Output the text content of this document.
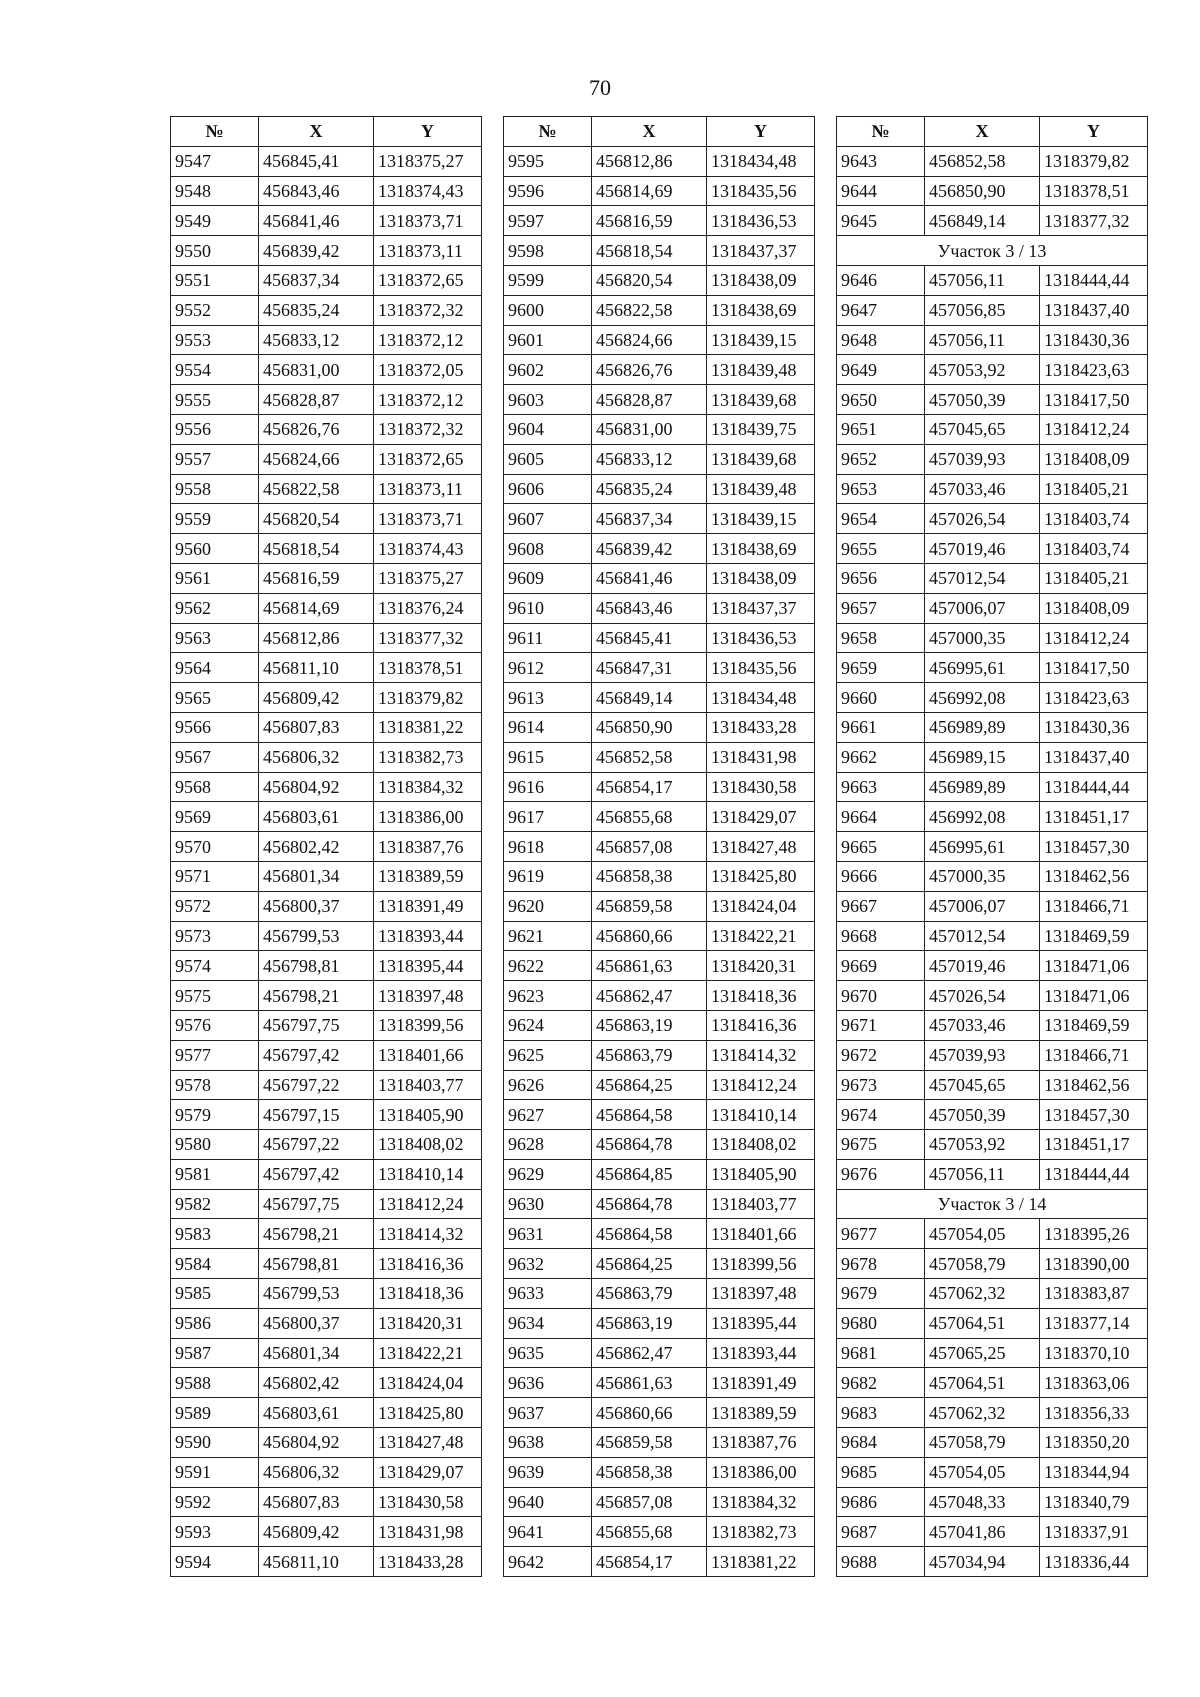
70
№	X	Y
9547	456845,41	1318375,27
9548	456843,46	1318374,43
9549	456841,46	1318373,71
9550	456839,42	1318373,11
9551	456837,34	1318372,65
9552	456835,24	1318372,32
9553	456833,12	1318372,12
9554	456831,00	1318372,05
9555	456828,87	1318372,12
9556	456826,76	1318372,32
9557	456824,66	1318372,65
9558	456822,58	1318373,11
9559	456820,54	1318373,71
9560	456818,54	1318374,43
9561	456816,59	1318375,27
9562	456814,69	1318376,24
9563	456812,86	1318377,32
9564	456811,10	1318378,51
9565	456809,42	1318379,82
9566	456807,83	1318381,22
9567	456806,32	1318382,73
9568	456804,92	1318384,32
9569	456803,61	1318386,00
9570	456802,42	1318387,76
9571	456801,34	1318389,59
9572	456800,37	1318391,49
9573	456799,53	1318393,44
9574	456798,81	1318395,44
9575	456798,21	1318397,48
9576	456797,75	1318399,56
9577	456797,42	1318401,66
9578	456797,22	1318403,77
9579	456797,15	1318405,90
9580	456797,22	1318408,02
9581	456797,42	1318410,14
9582	456797,75	1318412,24
9583	456798,21	1318414,32
9584	456798,81	1318416,36
9585	456799,53	1318418,36
9586	456800,37	1318420,31
9587	456801,34	1318422,21
9588	456802,42	1318424,04
9589	456803,61	1318425,80
9590	456804,92	1318427,48
9591	456806,32	1318429,07
9592	456807,83	1318430,58
9593	456809,42	1318431,98
9594	456811,10	1318433,28
№	X	Y
9595	456812,86	1318434,48
9596	456814,69	1318435,56
9597	456816,59	1318436,53
9598	456818,54	1318437,37
9599	456820,54	1318438,09
9600	456822,58	1318438,69
9601	456824,66	1318439,15
9602	456826,76	1318439,48
9603	456828,87	1318439,68
9604	456831,00	1318439,75
9605	456833,12	1318439,68
9606	456835,24	1318439,48
9607	456837,34	1318439,15
9608	456839,42	1318438,69
9609	456841,46	1318438,09
9610	456843,46	1318437,37
9611	456845,41	1318436,53
9612	456847,31	1318435,56
9613	456849,14	1318434,48
9614	456850,90	1318433,28
9615	456852,58	1318431,98
9616	456854,17	1318430,58
9617	456855,68	1318429,07
9618	456857,08	1318427,48
9619	456858,38	1318425,80
9620	456859,58	1318424,04
9621	456860,66	1318422,21
9622	456861,63	1318420,31
9623	456862,47	1318418,36
9624	456863,19	1318416,36
9625	456863,79	1318414,32
9626	456864,25	1318412,24
9627	456864,58	1318410,14
9628	456864,78	1318408,02
9629	456864,85	1318405,90
9630	456864,78	1318403,77
9631	456864,58	1318401,66
9632	456864,25	1318399,56
9633	456863,79	1318397,48
9634	456863,19	1318395,44
9635	456862,47	1318393,44
9636	456861,63	1318391,49
9637	456860,66	1318389,59
9638	456859,58	1318387,76
9639	456858,38	1318386,00
9640	456857,08	1318384,32
9641	456855,68	1318382,73
9642	456854,17	1318381,22
№	X	Y
9643	456852,58	1318379,82
9644	456850,90	1318378,51
9645	456849,14	1318377,32
Участок 3 / 13		
9646	457056,11	1318444,44
9647	457056,85	1318437,40
9648	457056,11	1318430,36
9649	457053,92	1318423,63
9650	457050,39	1318417,50
9651	457045,65	1318412,24
9652	457039,93	1318408,09
9653	457033,46	1318405,21
9654	457026,54	1318403,74
9655	457019,46	1318403,74
9656	457012,54	1318405,21
9657	457006,07	1318408,09
9658	457000,35	1318412,24
9659	456995,61	1318417,50
9660	456992,08	1318423,63
9661	456989,89	1318430,36
9662	456989,15	1318437,40
9663	456989,89	1318444,44
9664	456992,08	1318451,17
9665	456995,61	1318457,30
9666	457000,35	1318462,56
9667	457006,07	1318466,71
9668	457012,54	1318469,59
9669	457019,46	1318471,06
9670	457026,54	1318471,06
9671	457033,46	1318469,59
9672	457039,93	1318466,71
9673	457045,65	1318462,56
9674	457050,39	1318457,30
9675	457053,92	1318451,17
9676	457056,11	1318444,44
Участок 3 / 14		
9677	457054,05	1318395,26
9678	457058,79	1318390,00
9679	457062,32	1318383,87
9680	457064,51	1318377,14
9681	457065,25	1318370,10
9682	457064,51	1318363,06
9683	457062,32	1318356,33
9684	457058,79	1318350,20
9685	457054,05	1318344,94
9686	457048,33	1318340,79
9687	457041,86	1318337,91
9688	457034,94	1318336,44
